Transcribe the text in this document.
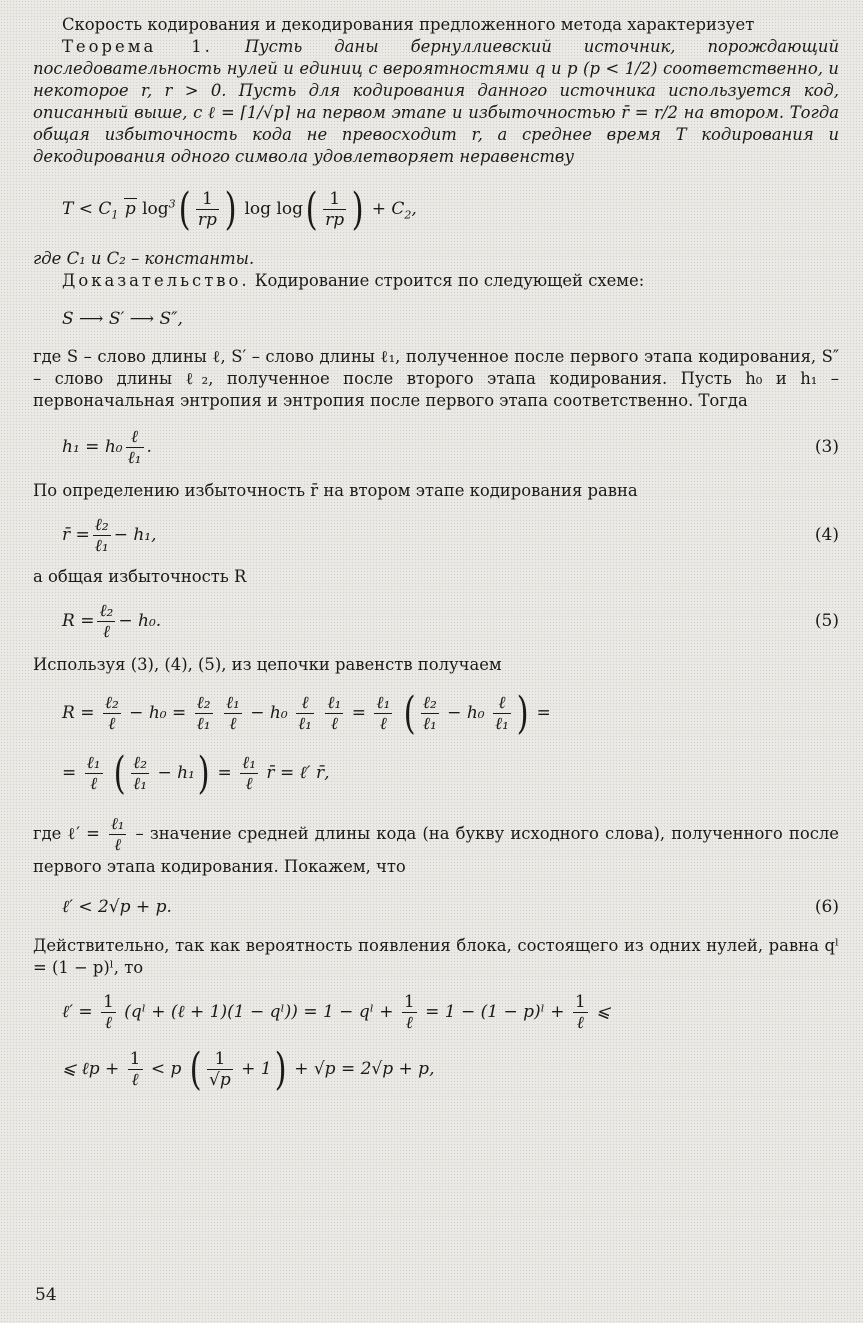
Скорость кодирования и декодирования предложенного метода характеризует

Теорема 1. Пусть даны бернуллиевский источник, порождающий последовательность нулей и единиц с вероятностями q и p (p < 1/2) соответственно, и некоторое r, r > 0. Пусть для кодирования данного источника используется код, описанный выше, с ℓ = ⌈1/√p⌉ на первом этапе и избыточностью r̄ = r/2 на втором. Тогда общая избыточность кода не превосходит r, а среднее время T кодирования и декодирования одного символа удовлетворяет неравенству

$T < C_1$ p $\log^3( \frac{1}{rp}$ ) $\log \log( \frac{1}{rp}$ ) + $C_2$,

где C₁ и C₂ – константы.

Доказательство. Кодирование строится по следующей схеме:

S ⟶ S′ ⟶ S″,

где S – слово длины ℓ, S′ – слово длины ℓ₁, полученное после первого этапа кодирования, S″ – слово длины ℓ₂, полученное после второго этапа кодирования. Пусть h₀ и h₁ – первоначальная энтропия и энтропия после первого этапа соответственно. Тогда

$h_1 = h_0 \frac{\text{ℓ}}{\text{ℓ₁}}$ .	(3)

По определению избыточность r̄ на втором этапе кодирования равна

r̄ = $\frac{\text{ℓ₂}}{\text{ℓ₁}} - h_1$,	(4)

а общая избыточность R

$R = \frac{\text{ℓ₂}}{\text{ℓ}} - h_0$.	(5)

Используя (3), (4), (5), из цепочки равенств получаем

$R = \frac{\text{ℓ₂}}{\text{ℓ}} - h_0 = \frac{\text{ℓ₂}}{\text{ℓ₁}}$
$\frac{\text{ℓ₁}}{\text{ℓ}} - h_0 \frac{\text{ℓ}}{\text{ℓ₁}}$
$\frac{\text{ℓ₁}}{\text{ℓ}} = \frac{\text{ℓ₁}}{\text{ℓ}}$ ( $\frac{\text{ℓ₂}}{\text{ℓ₁}} - h_0 \frac{\text{ℓ}}{\text{ℓ₁}}$ ) =
= $\frac{\text{ℓ₁}}{\text{ℓ}}$ ( $\frac{\text{ℓ₂}}{\text{ℓ₁}} - h_1) = \frac{\text{ℓ₁}}{\text{ℓ}}$ r̄ = ℓ′ r̄,

где ℓ′ = $\frac{\text{ℓ₁}}{\text{ℓ}}$ – значение средней длины кода (на букву исходного слова), полученного после первого этапа кодирования. Покажем, что

ℓ′ < 2√p + p.	(6)

Действительно, так как вероятность появления блока, состоящего из одних нулей, равна qˡ = (1 − p)ˡ, то

ℓ′ = $\frac{1}{\text{ℓ}}$ (qˡ + (ℓ + 1)(1 − qˡ)) = 1 − qˡ + $\frac{1}{\text{ℓ}} = 1 - (1$ − p)ˡ + $\frac{1}{\text{ℓ}}$ ⩽
⩽ ℓp + $\frac{1}{\text{ℓ}} < p$ ( $\frac{1}{√p} + 1) + √p = 2√p + p$,
54
